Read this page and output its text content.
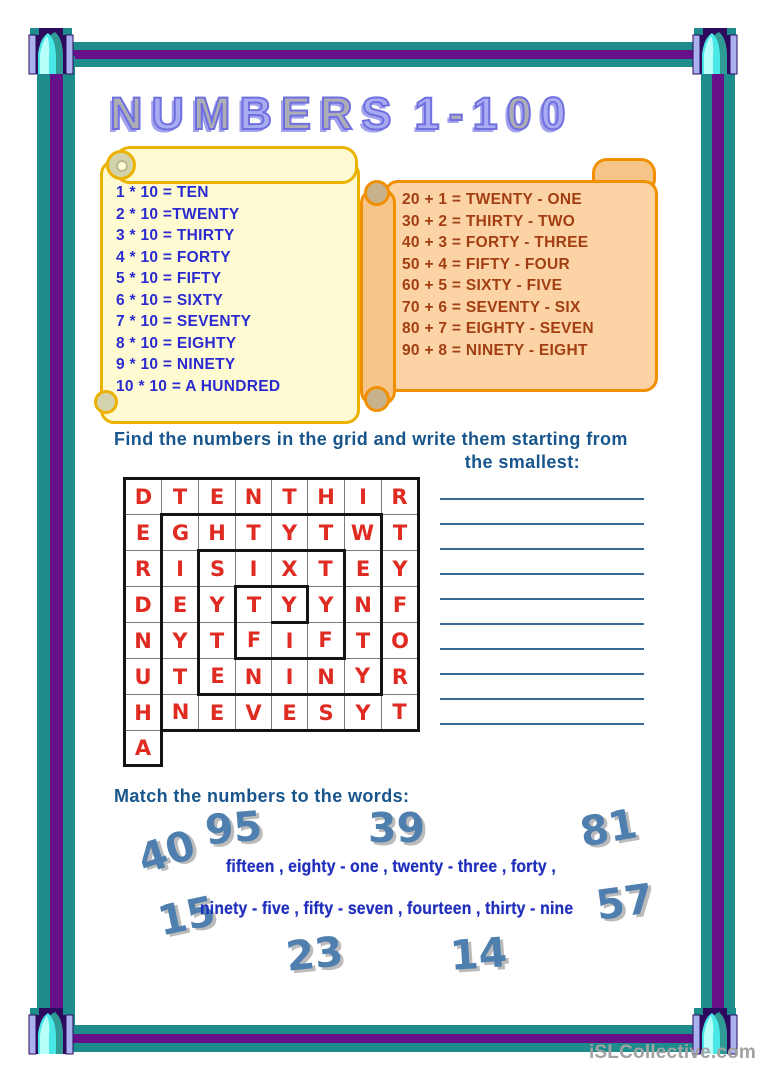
NUMBERS 1-100
1 * 10 = TEN
2 * 10 =TWENTY
3 * 10 = THIRTY
4 * 10 = FORTY
5 * 10 = FIFTY
6 * 10 = SIXTY
7 * 10 = SEVENTY
8 * 10 = EIGHTY
9 * 10 = NINETY
10 * 10 = A HUNDRED
20 + 1 = TWENTY - ONE
30 + 2 = THIRTY - TWO
40 + 3 = FORTY - THREE
50 + 4 = FIFTY - FOUR
60 + 5 = SIXTY - FIVE
70 + 6 = SEVENTY - SIX
80 + 7 = EIGHTY - SEVEN
90 + 8 = NINETY - EIGHT
Find the numbers in the grid and write them starting from
the smallest:
D	T	E	N	T	H	I	R
E	G	H	T	Y	T	W	T
R	I	S	I	X	T	E	Y
D	E	Y	T	Y	Y	N	F
N	Y	T	F	I	F	T	O
U	T	E	N	I	N	Y	R
H	N	E	V	E	S	Y	T
A							
Match the numbers to the words:
40 95	39	81
15	57
23	14
fifteen , eighty - one , twenty - three , forty ,
ninety - five , fifty - seven , fourteen , thirty - nine
iSLCollective.com
